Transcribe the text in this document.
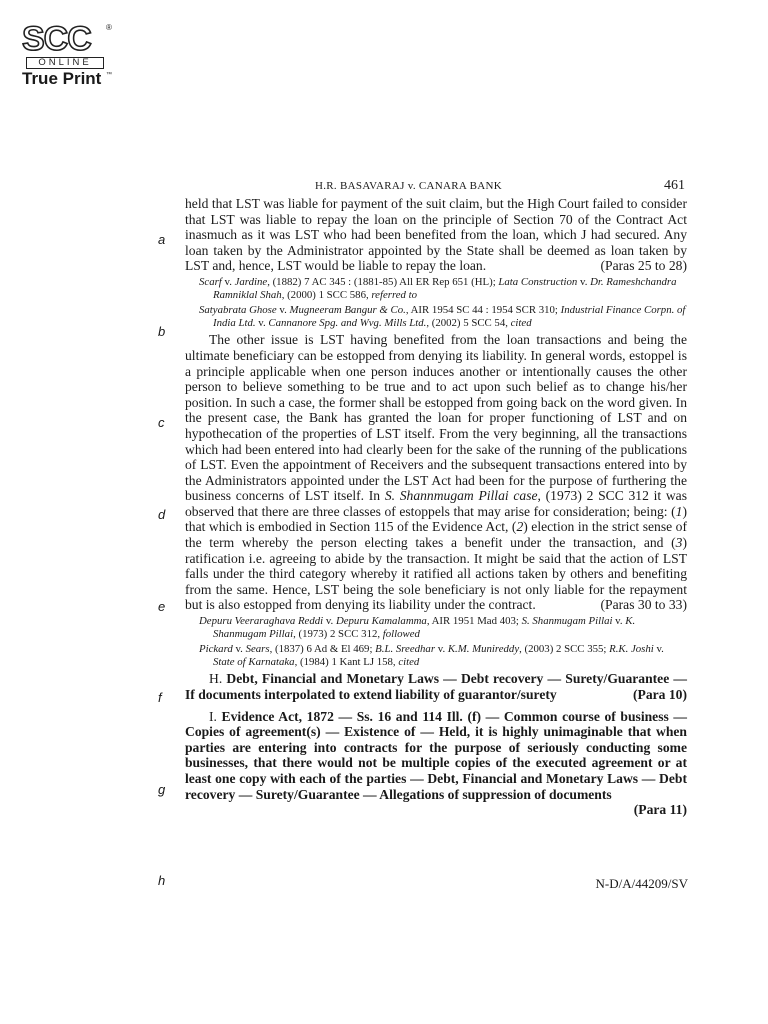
SCC ®
ONLINE
™
True Print
H.R. BASAVARAJ v. CANARA BANK	461
a
b
c
d
e
f
g
h

held that LST was liable for payment of the suit claim, but the High Court failed to consider that LST was liable to repay the loan on the principle of Section 70 of the Contract Act inasmuch as it was LST who had been benefited from the loan, which J had secured. Any loan taken by the Administrator appointed by the State shall be deemed as loan taken by LST and, hence, LST would be liable to repay the loan.	(Paras 25 to 28)

Scarf v. Jardine, (1882) 7 AC 345 : (1881-85) All ER Rep 651 (HL); Lata Construction v. Dr. Rameshchandra Ramniklal Shah, (2000) 1 SCC 586, referred to

Satyabrata Ghose v. Mugneeram Bangur & Co., AIR 1954 SC 44 : 1954 SCR 310; Industrial Finance Corpn. of India Ltd. v. Cannanore Spg. and Wvg. Mills Ltd., (2002) 5 SCC 54, cited

The other issue is LST having benefited from the loan transactions and being the ultimate beneficiary can be estopped from denying its liability. In general words, estoppel is a principle applicable when one person induces another or intentionally causes the other person to believe something to be true and to act upon such belief as to change his/her position. In such a case, the former shall be estopped from going back on the word given. In the present case, the Bank has granted the loan for proper functioning of LST and on hypothecation of the properties of LST itself. From the very beginning, all the transactions which had been entered into had clearly been for the sake of the running of the publications of LST. Even the appointment of Receivers and the subsequent transactions entered into by the Administrators appointed under the LST Act had been for the purpose of furthering the business concerns of LST itself. In S. Shannmugam Pillai case, (1973) 2 SCC 312 it was observed that there are three classes of estoppels that may arise for consideration; being: (1) that which is embodied in Section 115 of the Evidence Act, (2) election in the strict sense of the term whereby the person electing takes a benefit under the transaction, and (3) ratification i.e. agreeing to abide by the transaction. It might be said that the action of LST falls under the third category whereby it ratified all actions taken by others and benefiting from the same. Hence, LST being the sole beneficiary is not only liable for the repayment but is also estopped from denying its liability under the contract.	(Paras 30 to 33)

Depuru Veeraraghava Reddi v. Depuru Kamalamma, AIR 1951 Mad 403; S. Shanmugam Pillai v. K. Shanmugam Pillai, (1973) 2 SCC 312, followed

Pickard v. Sears, (1837) 6 Ad & El 469; B.L. Sreedhar v. K.M. Munireddy, (2003) 2 SCC 355; R.K. Joshi v. State of Karnataka, (1984) 1 Kant LJ 158, cited

H. Debt, Financial and Monetary Laws — Debt recovery — Surety/Guarantee — If documents interpolated to extend liability of guarantor/surety	(Para 10)

I. Evidence Act, 1872 — Ss. 16 and 114 Ill. (f) — Common course of business — Copies of agreement(s) — Existence of — Held, it is highly unimaginable that when parties are entering into contracts for the purpose of seriously conducting some businesses, that there would not be multiple copies of the executed agreement or at least one copy with each of the parties — Debt, Financial and Monetary Laws — Debt recovery — Surety/Guarantee — Allegations of suppression of documents
(Para 11)

N-D/A/44209/SV
